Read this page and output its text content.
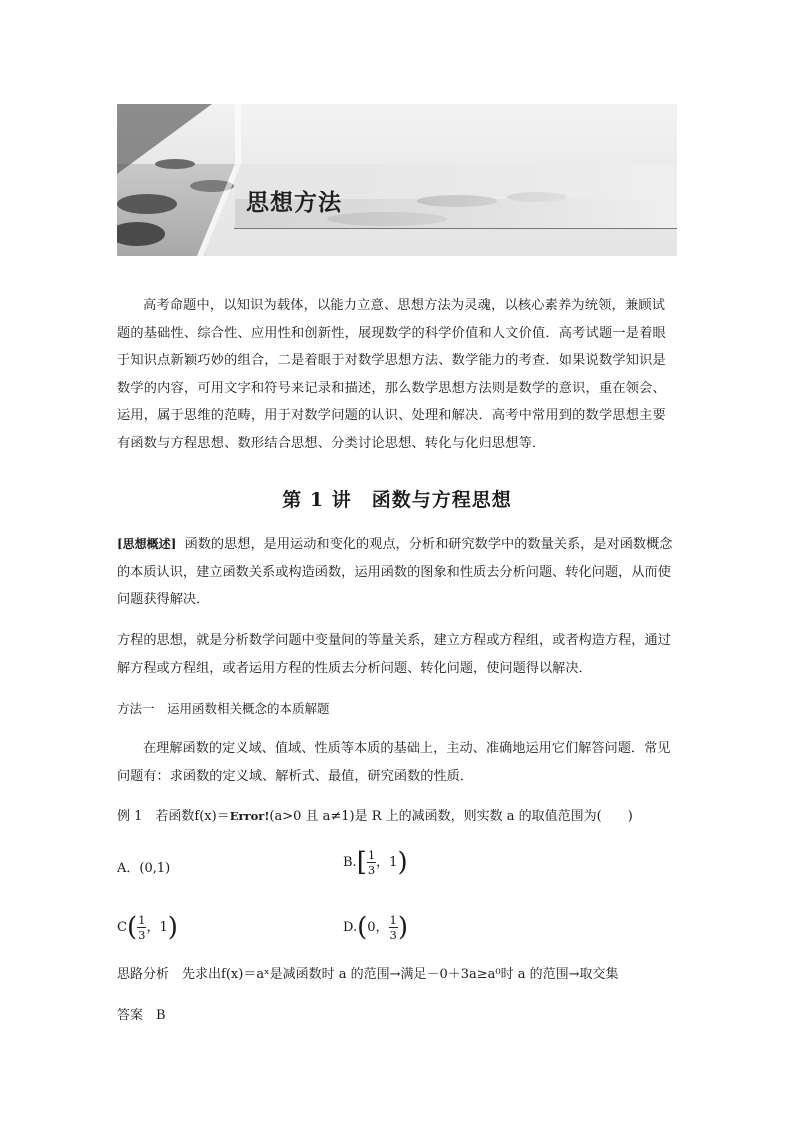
思想方法
高考命题中，以知识为载体，以能力立意、思想方法为灵魂，以核心素养为统领，兼顾试题的基础性、综合性、应用性和创新性，展现数学的科学价值和人文价值．高考试题一是着眼于知识点新颖巧妙的组合，二是着眼于对数学思想方法、数学能力的考查．如果说数学知识是数学的内容，可用文字和符号来记录和描述，那么数学思想方法则是数学的意识，重在领会、运用，属于思维的范畴，用于对数学问题的认识、处理和解决．高考中常用到的数学思想主要有函数与方程思想、数形结合思想、分类讨论思想、转化与化归思想等．
第 1 讲　函数与方程思想
[思想概述] 函数的思想，是用运动和变化的观点，分析和研究数学中的数量关系，是对函数概念的本质认识，建立函数关系或构造函数，运用函数的图象和性质去分析问题、转化问题，从而使问题获得解决．
方程的思想，就是分析数学问题中变量间的等量关系，建立方程或方程组，或者构造方程，通过解方程或方程组，或者运用方程的性质去分析问题、转化问题，使问题得以解决．
方法一　运用函数相关概念的本质解题
在理解函数的定义域、值域、性质等本质的基础上，主动、准确地运用它们解答问题．常见问题有：求函数的定义域、解析式、最值，研究函数的性质．
例 1　若函数f(x)＝Error!(a>0 且 a≠1)是 R 上的减函数，则实数 a 的取值范围为(　　)
A．(0,1)	$B.[ \frac{1}{3}$ ，1)
$C( \frac{1}{3}$ ，1)	D.(0， $\frac{1}{3}$ )
思路分析　 先求出f(x)＝aˣ是减函数时 a 的范围→满足－0＋3a≥a⁰时 a 的范围→取交集
答案　 B
